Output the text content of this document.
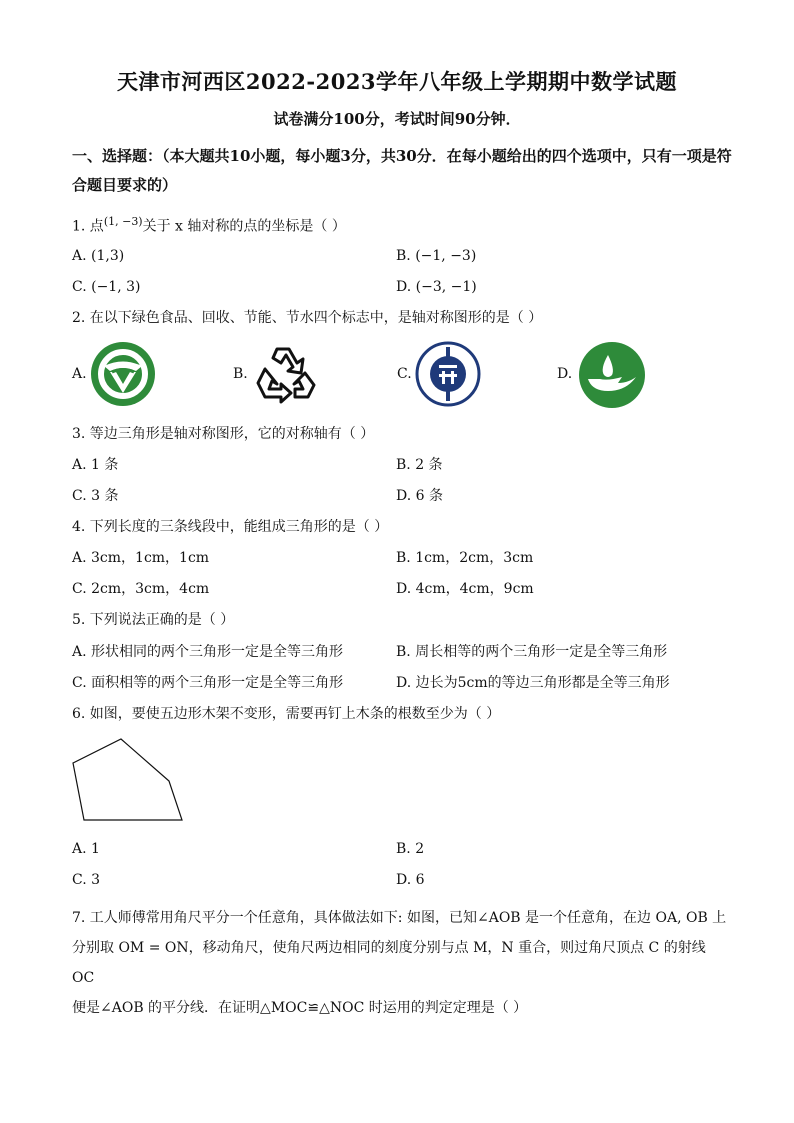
天津市河西区2022-2023学年八年级上学期期中数学试题
试卷满分100分，考试时间90分钟．
一、选择题：（本大题共10小题，每小题3分，共30分．在每小题给出的四个选项中，只有一项是符合题目要求的）
1. 点$^{(1, -3)}$关于 x 轴对称的点的坐标是（ ）
A. (1,3)	B. (−1, −3)
C. (−1, 3)	D. (−3, −1)
2. 在以下绿色食品、回收、节能、节水四个标志中，是轴对称图形的是（ ）
A.	B.	C.	D.
3. 等边三角形是轴对称图形，它的对称轴有（ ）
A. 1 条	B. 2 条
C. 3 条	D. 6 条
4. 下列长度的三条线段中，能组成三角形的是（ ）
A. 3cm，1cm，1cm	B. 1cm，2cm，3cm
C. 2cm，3cm，4cm	D. 4cm，4cm，9cm
5. 下列说法正确的是（ ）
A. 形状相同的两个三角形一定是全等三角形	B. 周长相等的两个三角形一定是全等三角形
C. 面积相等的两个三角形一定是全等三角形	D. 边长为5cm的等边三角形都是全等三角形
6. 如图，要使五边形木架不变形，需要再钉上木条的根数至少为（ ）
A. 1	B. 2
C. 3	D. 6
7. 工人师傅常用角尺平分一个任意角，具体做法如下: 如图，已知∠AOB 是一个任意角，在边 OA, OB 上
分别取 OM = ON，移动角尺，使角尺两边相同的刻度分别与点 M，N 重合，则过角尺顶点 C 的射线 OC
便是∠AOB 的平分线．在证明△MOC≌△NOC 时运用的判定定理是（ ）
